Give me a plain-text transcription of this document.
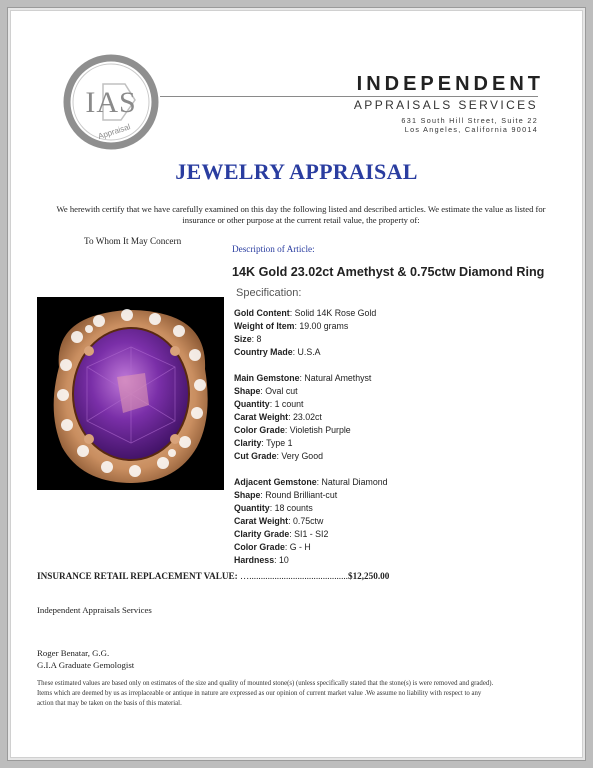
IAS
Appraisal
INDEPENDENT
APPRAISALS SERVICES
631 South Hill Street, Suite 22
Los Angeles, California 90014
JEWELRY APPRAISAL
We herewith certify that we have carefully examined on this day the following listed and described articles. We estimate the value as listed for insurance or other purpose at the current retail value, the property of:
To Whom It May Concern
Description of Article:
14K Gold 23.02ct Amethyst & 0.75ctw Diamond Ring
Specification:
Gold Content: Solid 14K Rose Gold
Weight of Item: 19.00 grams
Size: 8
Country Made: U.S.A
Main Gemstone: Natural Amethyst
Shape: Oval cut
Quantity: 1 count
Carat Weight: 23.02ct
Color Grade: Violetish Purple
Clarity: Type 1
Cut Grade: Very Good
Adjacent Gemstone: Natural Diamond
Shape: Round Brilliant-cut
Quantity: 18 counts
Carat Weight: 0.75ctw
Clarity Grade: SI1 - SI2
Color Grade: G - H
Hardness: 10
INSURANCE RETAIL REPLACEMENT VALUE: …...........................................$12,250.00
Independent Appraisals Services
Roger Benatar, G.G.
G.I.A Graduate Gemologist
These estimated values are based only on estimates of the size and quality of mounted stone(s) (unless specifically stated that the stone(s) is were removed and graded). Items which are deemed by us as irreplaceable or antique in nature are expressed as our opinion of current market value .We assume no liability with respect to any action that may be taken on the basis of this material.
